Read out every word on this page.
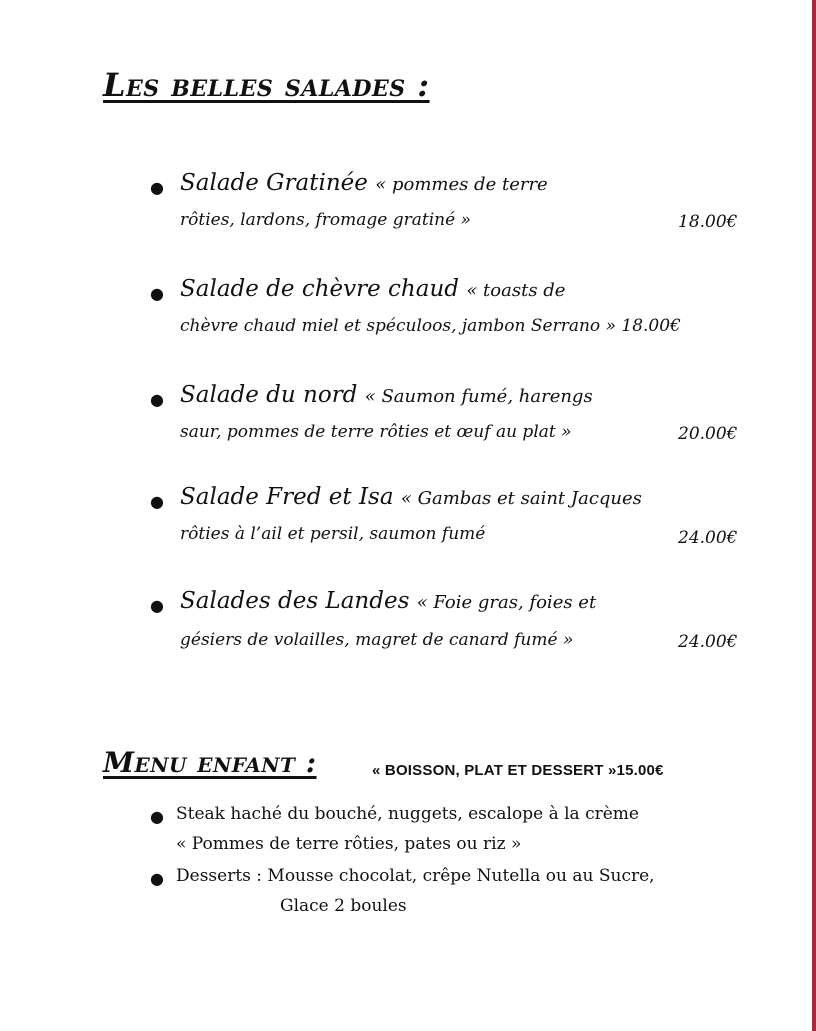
Les belles salades :
● Salade Gratinée « pommes de terre
rôties, lardons, fromage gratiné »	18.00€
● Salade de chèvre chaud « toasts de
chèvre chaud miel et spéculoos, jambon Serrano » 18.00€
● Salade du nord « Saumon fumé, harengs
saur, pommes de terre rôties et œuf au plat »	20.00€
● Salade Fred et Isa « Gambas et saint Jacques
rôties à l’ail et persil, saumon fumé	24.00€
● Salades des Landes « Foie gras, foies et
gésiers de volailles, magret de canard fumé »	24.00€
Menu enfant :	« BOISSON, PLAT ET DESSERT »15.00€
● Steak haché du bouché, nuggets, escalope à la crème
« Pommes de terre rôties, pates ou riz »
● Desserts : Mousse chocolat, crêpe Nutella ou au Sucre,
Glace 2 boules
